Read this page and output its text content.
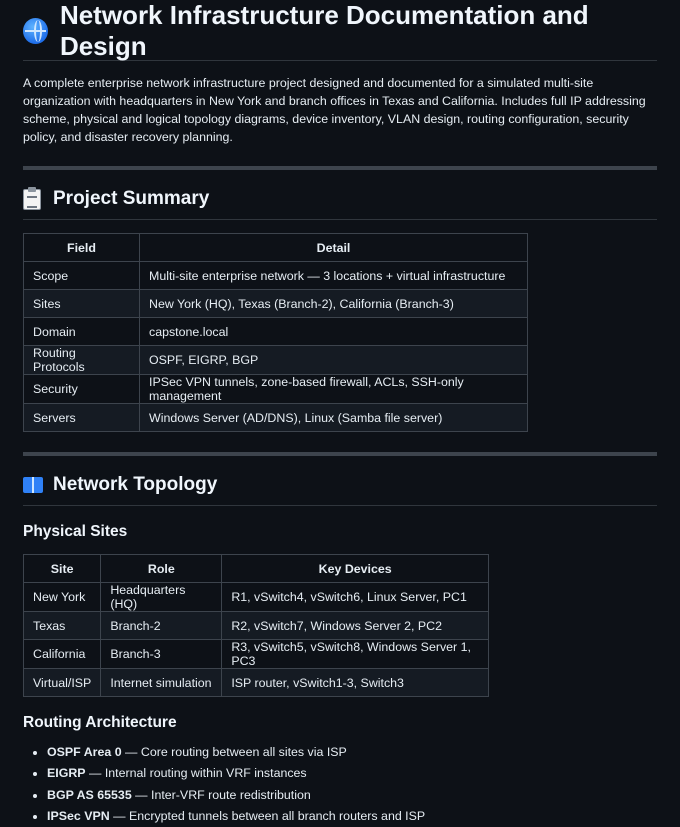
Network Infrastructure Documentation and Design

A complete enterprise network infrastructure project designed and documented for a simulated multi-site organization with headquarters in New York and branch offices in Texas and California. Includes full IP addressing scheme, physical and logical topology diagrams, device inventory, VLAN design, routing configuration, security policy, and disaster recovery planning.

Project Summary
Field	Detail
Scope	Multi-site enterprise network — 3 locations + virtual infrastructure
Sites	New York (HQ), Texas (Branch-2), California (Branch-3)
Domain	capstone.local
Routing Protocols	OSPF, EIGRP, BGP
Security	IPSec VPN tunnels, zone-based firewall, ACLs, SSH-only management
Servers	Windows Server (AD/DNS), Linux (Samba file server)
Network Topology
Physical Sites
Site	Role	Key Devices
New York	Headquarters (HQ)	R1, vSwitch4, vSwitch6, Linux Server, PC1
Texas	Branch-2	R2, vSwitch7, Windows Server 2, PC2
California	Branch-3	R3, vSwitch5, vSwitch8, Windows Server 1, PC3
Virtual/ISP	Internet simulation	ISP router, vSwitch1-3, Switch3
Routing Architecture
• OSPF Area 0 — Core routing between all sites via ISP
• EIGRP — Internal routing within VRF instances
• BGP AS 65535 — Inter-VRF route redistribution
• IPSec VPN — Encrypted tunnels between all branch routers and ISP
